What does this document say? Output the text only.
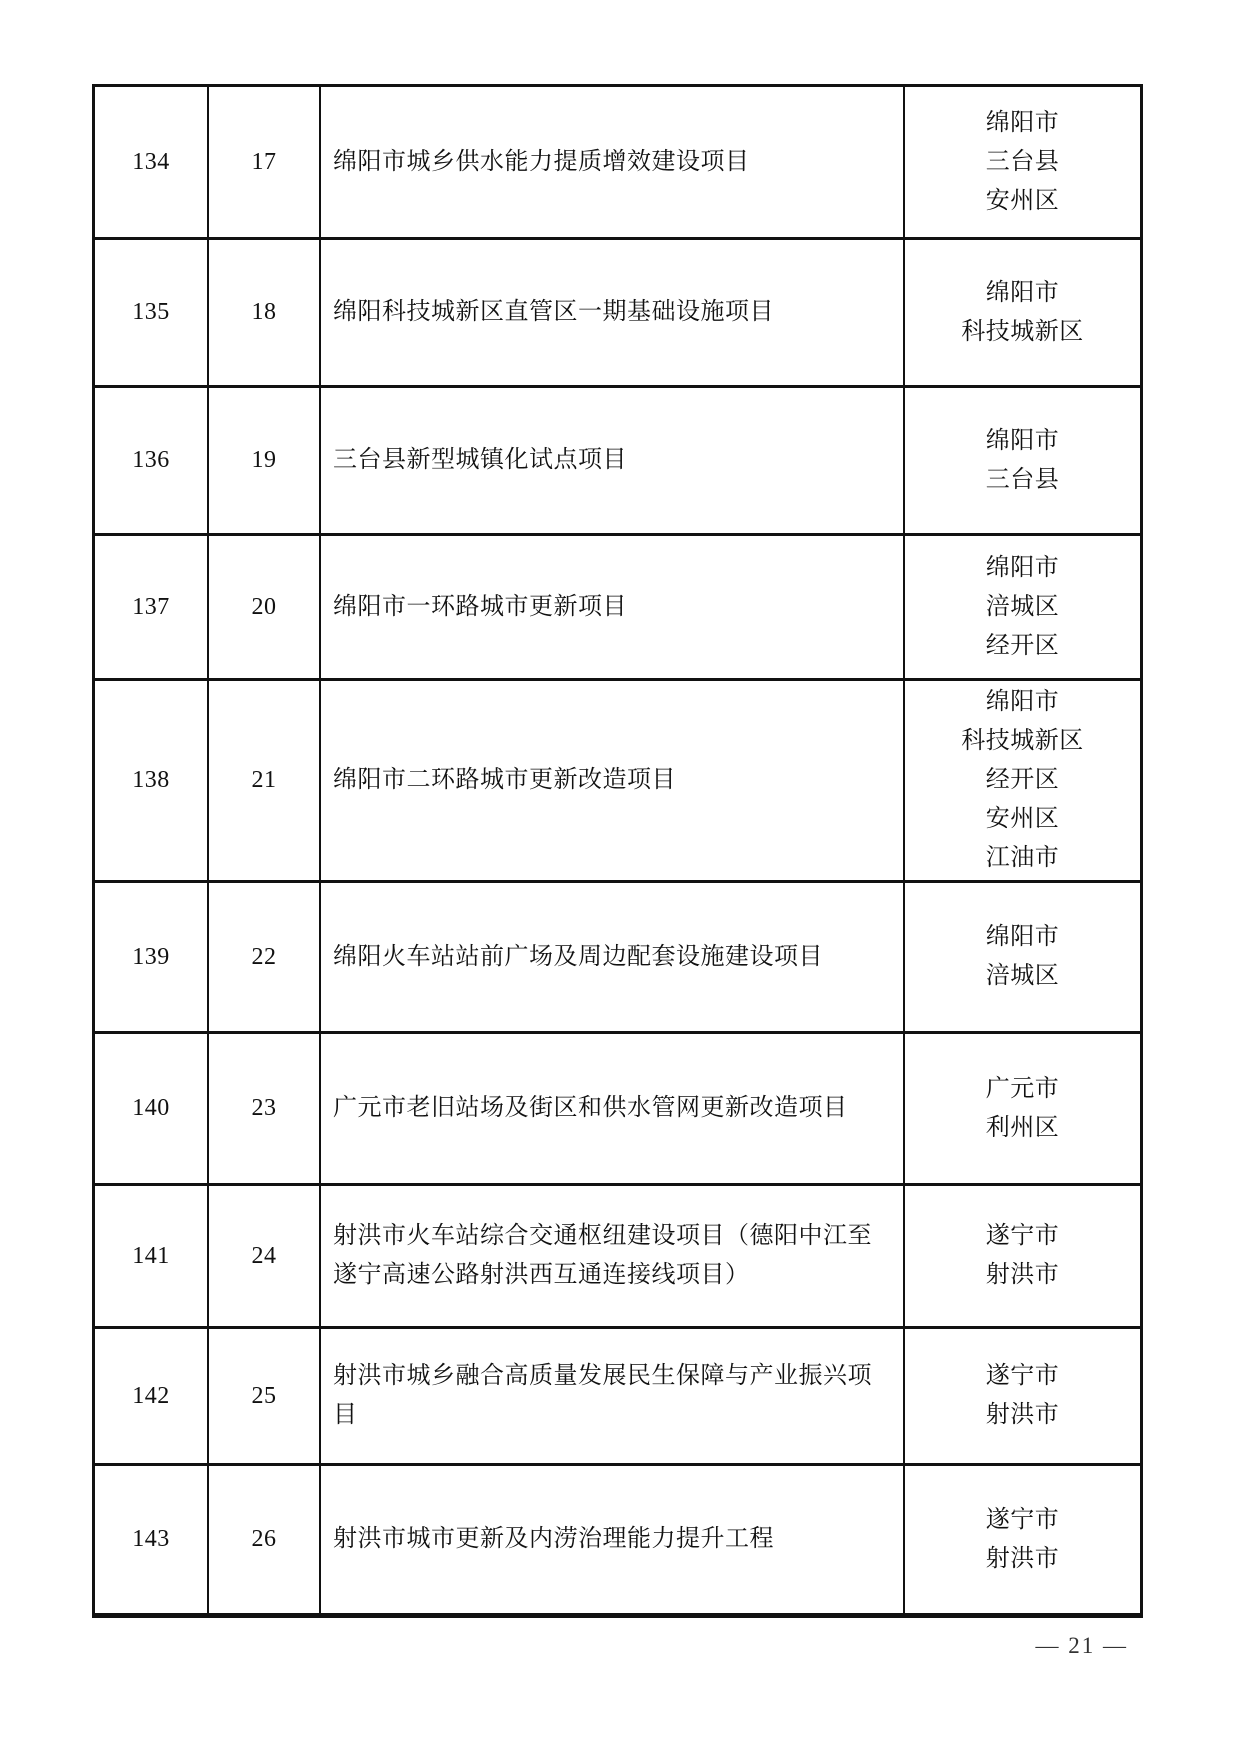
134	17	绵阳市城乡供水能力提质增效建设项目
绵阳市
三台县
安州区
135	18	绵阳科技城新区直管区一期基础设施项目
绵阳市
科技城新区
136	19	三台县新型城镇化试点项目
绵阳市
三台县
137	20	绵阳市一环路城市更新项目
绵阳市
涪城区
经开区
138	21	绵阳市二环路城市更新改造项目
绵阳市
科技城新区
经开区
安州区
江油市
139	22	绵阳火车站站前广场及周边配套设施建设项目
绵阳市
涪城区
140	23	广元市老旧站场及街区和供水管网更新改造项目
广元市
利州区
141	24
射洪市火车站综合交通枢纽建设项目（德阳中江至遂宁高速公路射洪西互通连接线项目）
遂宁市
射洪市
142	25
射洪市城乡融合高质量发展民生保障与产业振兴项目
遂宁市
射洪市
143	26	射洪市城市更新及内涝治理能力提升工程
遂宁市
射洪市
— 21 —
